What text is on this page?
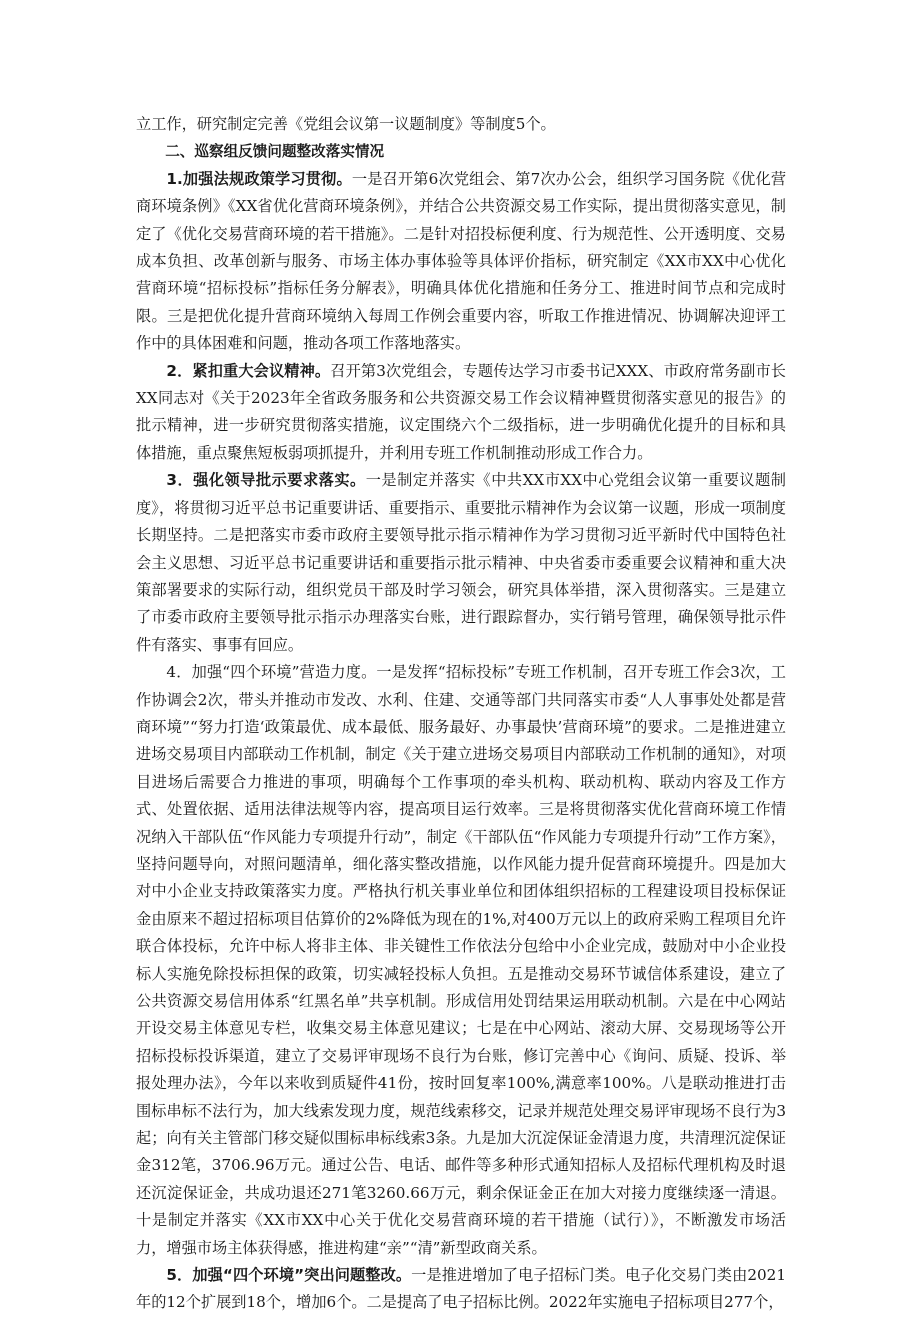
立工作，研究制定完善《党组会议第一议题制度》等制度5个。

二、巡察组反馈问题整改落实情况

1.加强法规政策学习贯彻。一是召开第6次党组会、第7次办公会，组织学习国务院《优化营商环境条例》《XX省优化营商环境条例》，并结合公共资源交易工作实际，提出贯彻落实意见，制定了《优化交易营商环境的若干措施》。二是针对招投标便利度、行为规范性、公开透明度、交易成本负担、改革创新与服务、市场主体办事体验等具体评价指标，研究制定《XX市XX中心优化营商环境“招标投标”指标任务分解表》，明确具体优化措施和任务分工、推进时间节点和完成时限。三是把优化提升营商环境纳入每周工作例会重要内容，听取工作推进情况、协调解决迎评工作中的具体困难和问题，推动各项工作落地落实。

2．紧扣重大会议精神。召开第3次党组会，专题传达学习市委书记XXX、市政府常务副市长XX同志对《关于2023年全省政务服务和公共资源交易工作会议精神暨贯彻落实意见的报告》的批示精神，进一步研究贯彻落实措施，议定围绕六个二级指标，进一步明确优化提升的目标和具体措施，重点聚焦短板弱项抓提升，并利用专班工作机制推动形成工作合力。

3．强化领导批示要求落实。一是制定并落实《中共XX市XX中心党组会议第一重要议题制度》，将贯彻习近平总书记重要讲话、重要指示、重要批示精神作为会议第一议题，形成一项制度长期坚持。二是把落实市委市政府主要领导批示指示精神作为学习贯彻习近平新时代中国特色社会主义思想、习近平总书记重要讲话和重要指示批示精神、中央省委市委重要会议精神和重大决策部署要求的实际行动，组织党员干部及时学习领会，研究具体举措，深入贯彻落实。三是建立了市委市政府主要领导批示指示办理落实台账，进行跟踪督办，实行销号管理，确保领导批示件件有落实、事事有回应。

4．加强“四个环境”营造力度。一是发挥“招标投标”专班工作机制，召开专班工作会3次，工作协调会2次，带头并推动市发改、水利、住建、交通等部门共同落实市委“人人事事处处都是营商环境”“努力打造‘政策最优、成本最低、服务最好、办事最快’营商环境”的要求。二是推进建立进场交易项目内部联动工作机制，制定《关于建立进场交易项目内部联动工作机制的通知》，对项目进场后需要合力推进的事项，明确每个工作事项的牵头机构、联动机构、联动内容及工作方式、处置依据、适用法律法规等内容，提高项目运行效率。三是将贯彻落实优化营商环境工作情况纳入干部队伍“作风能力专项提升行动”，制定《干部队伍“作风能力专项提升行动”工作方案》，坚持问题导向，对照问题清单，细化落实整改措施，以作风能力提升促营商环境提升。四是加大对中小企业支持政策落实力度。严格执行机关事业单位和团体组织招标的工程建设项目投标保证金由原来不超过招标项目估算价的2%降低为现在的1%,对400万元以上的政府采购工程项目允许联合体投标，允许中标人将非主体、非关键性工作依法分包给中小企业完成，鼓励对中小企业投标人实施免除投标担保的政策，切实减轻投标人负担。五是推动交易环节诚信体系建设，建立了公共资源交易信用体系“红黑名单”共享机制。形成信用处罚结果运用联动机制。六是在中心网站开设交易主体意见专栏，收集交易主体意见建议；七是在中心网站、滚动大屏、交易现场等公开招标投标投诉渠道，建立了交易评审现场不良行为台账，修订完善中心《询问、质疑、投诉、举报处理办法》，今年以来收到质疑件41份，按时回复率100%,满意率100%。八是联动推进打击围标串标不法行为，加大线索发现力度，规范线索移交，记录并规范处理交易评审现场不良行为3起；向有关主管部门移交疑似围标串标线索3条。九是加大沉淀保证金清退力度，共清理沉淀保证金312笔，3706.96万元。通过公告、电话、邮件等多种形式通知招标人及招标代理机构及时退还沉淀保证金，共成功退还271笔3260.66万元，剩余保证金正在加大对接力度继续逐一清退。十是制定并落实《XX市XX中心关于优化交易营商环境的若干措施（试行）》，不断激发市场活力，增强市场主体获得感，推进构建“亲”“清”新型政商关系。

5．加强“四个环境”突出问题整改。一是推进增加了电子招标门类。电子化交易门类由2021年的12个扩展到18个，增加6个。二是提高了电子招标比例。2022年实施电子招标项目277个，
